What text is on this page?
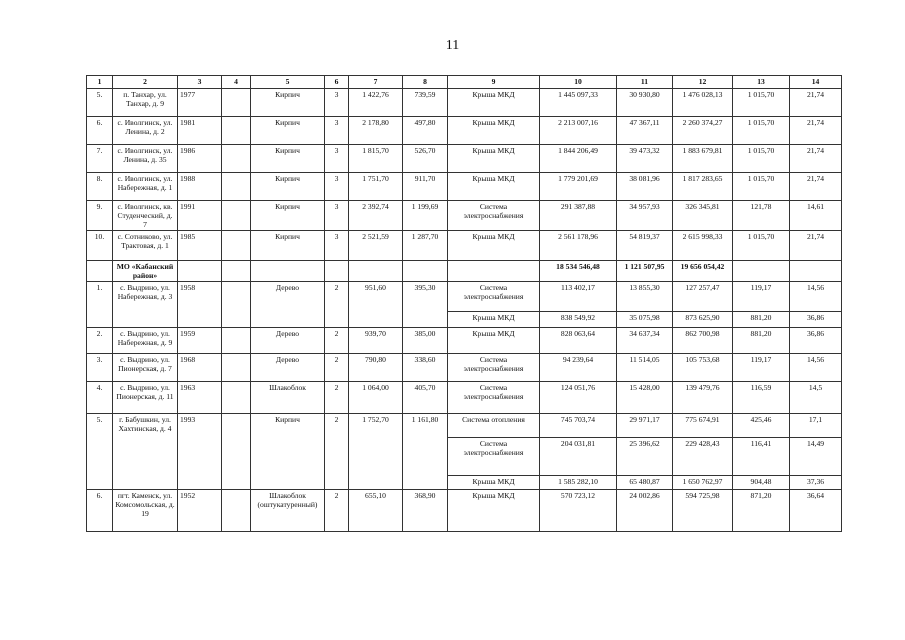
11
1	2	3	4	5	6	7	8	9	10	11	12	13	14
5.	п. Танхар, ул. Танхар, д. 9	1977		Кирпич	3	1 422,76	739,59	Крыша МКД	1 445 097,33	30 930,80	1 476 028,13	1 015,70	21,74
6.	с. Иволгинск, ул. Ленина, д. 2	1981		Кирпич	3	2 178,80	497,80	Крыша МКД	2 213 007,16	47 367,11	2 260 374,27	1 015,70	21,74
7.	с. Иволгинск, ул. Ленина, д. 35	1986		Кирпич	3	1 815,70	526,70	Крыша МКД	1 844 206,49	39 473,32	1 883 679,81	1 015,70	21,74
8.	с. Иволгинск, ул. Набережная, д. 1	1988		Кирпич	3	1 751,70	911,70	Крыша МКД	1 779 201,69	38 081,96	1 817 283,65	1 015,70	21,74
9.	с. Иволгинск, кв. Студенческий, д. 7	1991		Кирпич	3	2 392,74	1 199,69	Система электроснабжения	291 387,88	34 957,93	326 345,81	121,78	14,61
10.	с. Сотниково, ул. Трактовая, д. 1	1985		Кирпич	3	2 521,59	1 287,70	Крыша МКД	2 561 178,96	54 819,37	2 615 998,33	1 015,70	21,74
	МО «Кабанский район»								18 534 546,48	1 121 507,95	19 656 054,42		
1.	с. Выдрино, ул. Набережная, д. 3	1958		Дерево	2	951,60	395,30	Система электроснабжения	113 402,17	13 855,30	127 257,47	119,17	14,56
								Крыша МКД	838 549,92	35 075,98	873 625,90	881,20	36,86
2.	с. Выдрино, ул. Набережная, д. 9	1959		Дерево	2	939,70	385,00	Крыша МКД	828 063,64	34 637,34	862 700,98	881,20	36,86
3.	с. Выдрино, ул. Пионерская, д. 7	1968		Дерево	2	790,80	338,60	Система электроснабжения	94 239,64	11 514,05	105 753,68	119,17	14,56
4.	с. Выдрино, ул. Пионерская, д. 11	1963		Шлакоблок	2	1 064,00	405,70	Система электроснабжения	124 051,76	15 428,00	139 479,76	116,59	14,5
5.	г. Бабушкин, ул. Хахтинская, д. 4	1993		Кирпич	2	1 752,70	1 161,80	Система отопления	745 703,74	29 971,17	775 674,91	425,46	17,1
								Система электроснабжения	204 031,81	25 396,62	229 428,43	116,41	14,49
								Крыша МКД	1 585 282,10	65 480,87	1 650 762,97	904,48	37,36
6.	пгт. Каменск, ул. Комсомольская, д. 19	1952		Шлакоблок (оштукатуренный)	2	655,10	368,90	Крыша МКД	570 723,12	24 002,86	594 725,98	871,20	36,64
